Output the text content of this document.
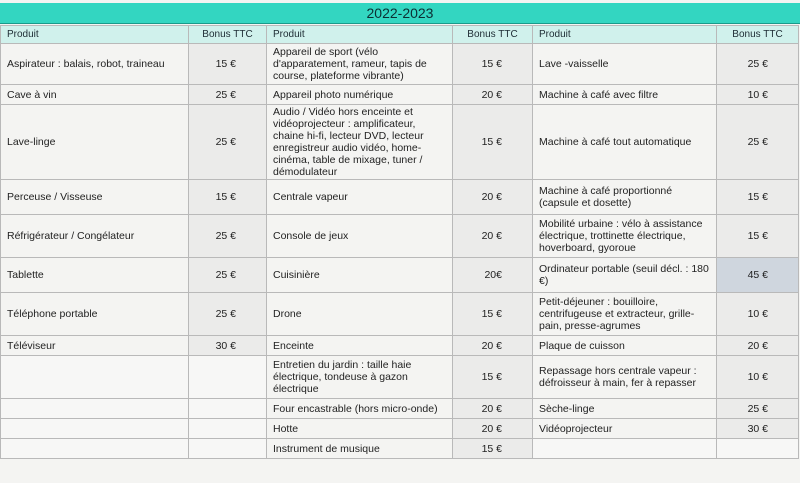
2022-2023
Produit	Bonus TTC	Produit	Bonus TTC	Produit	Bonus TTC
Aspirateur : balais, robot, traineau	15 €	Appareil de sport (vélo d'apparatement, rameur, tapis de course, plateforme vibrante)	15 €	Lave -vaisselle	25 €
Cave à vin	25 €	Appareil photo numérique	20 €	Machine à café avec filtre	10 €
Lave-linge	25 €	Audio / Vidéo hors enceinte et vidéoprojecteur : amplificateur, chaine hi-fi, lecteur DVD, lecteur enregistreur audio vidéo, home-cinéma, table de mixage, tuner / démodulateur	15 €	Machine à café tout automatique	25 €
Perceuse / Visseuse	15 €	Centrale vapeur	20 €	Machine à café proportionné (capsule et dosette)	15 €
Réfrigérateur / Congélateur	25 €	Console de jeux	20 €	Mobilité urbaine : vélo à assistance électrique, trottinette électrique, hoverboard, gyoroue	15 €
Tablette	25 €	Cuisinière	20€	Ordinateur portable (seuil décl. : 180 €)	45 €
Téléphone portable	25 €	Drone	15 €	Petit-déjeuner : bouilloire, centrifugeuse et extracteur, grille-pain, presse-agrumes	10 €
Téléviseur	30 €	Enceinte	20 €	Plaque de cuisson	20 €
		Entretien du jardin : taille haie électrique, tondeuse à gazon électrique	15 €	Repassage hors centrale vapeur : défroisseur à main, fer à repasser	10 €
		Four encastrable (hors micro-onde)	20 €	Sèche-linge	25 €
		Hotte	20 €	Vidéoprojecteur	30 €
		Instrument de musique	15 €		
